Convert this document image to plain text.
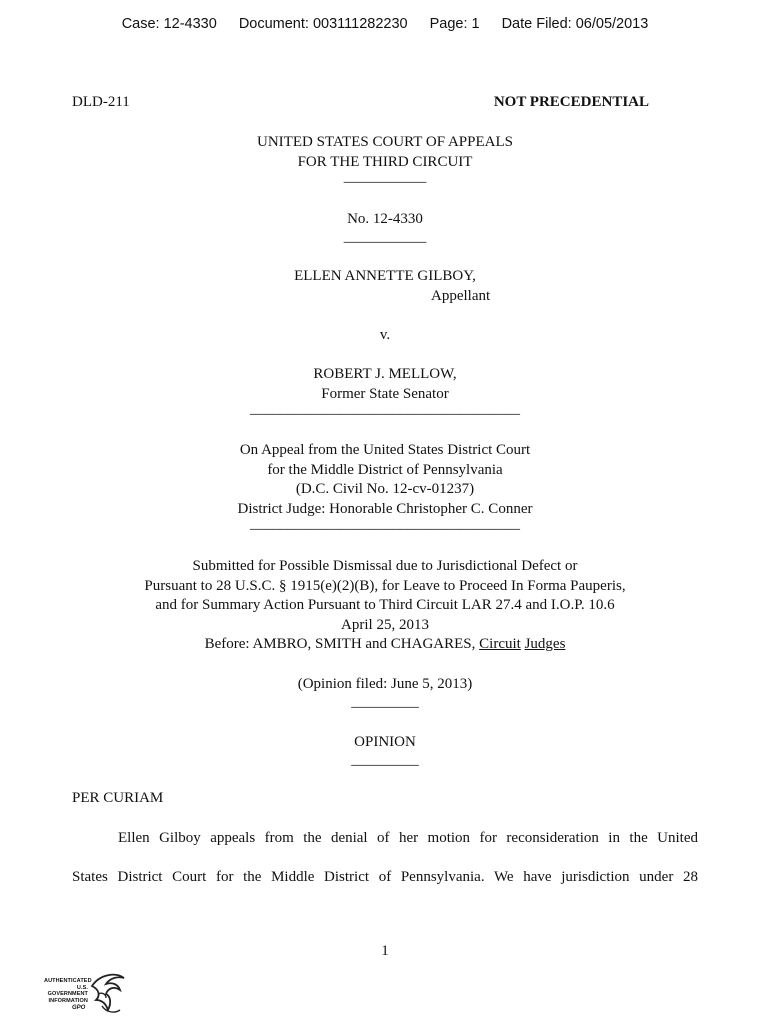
Case: 12-4330 Document: 003111282230 Page: 1 Date Filed: 06/05/2013
DLD-211	NOT PRECEDENTIAL
UNITED STATES COURT OF APPEALS
FOR THE THIRD CIRCUIT
___________
No. 12-4330
___________
ELLEN ANNETTE GILBOY,
Appellant
v.
ROBERT J. MELLOW,
Former State Senator
____________________________________
On Appeal from the United States District Court
for the Middle District of Pennsylvania
(D.C. Civil No. 12-cv-01237)
District Judge: Honorable Christopher C. Conner
____________________________________
Submitted for Possible Dismissal due to Jurisdictional Defect or
Pursuant to 28 U.S.C. § 1915(e)(2)(B), for Leave to Proceed In Forma Pauperis,
and for Summary Action Pursuant to Third Circuit LAR 27.4 and I.O.P. 10.6
April 25, 2013
Before: AMBRO, SMITH and CHAGARES, Circuit Judges
(Opinion filed: June 5, 2013)
_________
OPINION
_________
PER CURIAM
Ellen Gilboy appeals from the denial of her motion for reconsideration in the United
States District Court for the Middle District of Pennsylvania. We have jurisdiction under 28
1
AUTHENTICATED
U.S. GOVERNMENT
INFORMATION
GPO
